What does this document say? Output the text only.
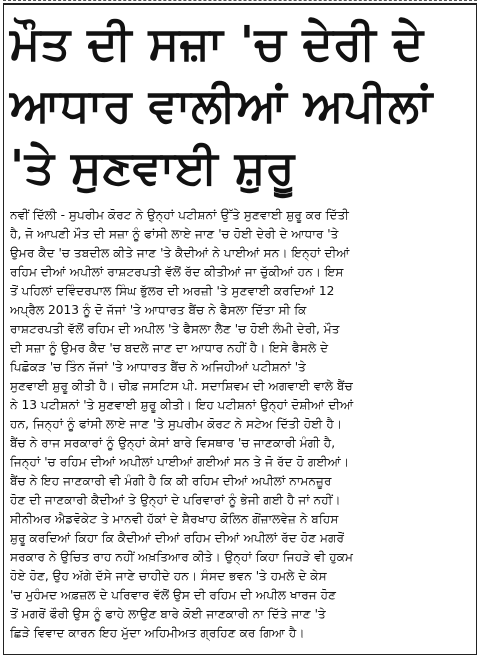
ਮੌਤ ਦੀ ਸਜ਼ਾ 'ਚ ਦੇਰੀ ਦੇ
ਆਧਾਰ ਵਾਲੀਆਂ ਅਪੀਲਾਂ
'ਤੇ ਸੁਣਵਾਈ ਸ਼ੁਰੂ
ਨਵੀਂ ਦਿੱਲੀ - ਸੁਪਰੀਮ ਕੋਰਟ ਨੇ ਉਨ੍ਹਾਂ ਪਟੀਸ਼ਨਾਂ ਉੱਤੇ ਸੁਣਵਾਈ ਸ਼ੁਰੂ ਕਰ ਦਿੱਤੀ
ਹੈ, ਜੋ ਆਪਣੀ ਮੌਤ ਦੀ ਸਜ਼ਾ ਨੂੰ ਫਾਂਸੀ ਲਾਏ ਜਾਣ 'ਚ ਹੋਈ ਦੇਰੀ ਦੇ ਆਧਾਰ 'ਤੇ
ਉਮਰ ਕੈਦ 'ਚ ਤਬਦੀਲ ਕੀਤੇ ਜਾਣ 'ਤੇ ਕੈਦੀਆਂ ਨੇ ਪਾਈਆਂ ਸਨ। ਇਨ੍ਹਾਂ ਦੀਆਂ
ਰਹਿਮ ਦੀਆਂ ਅਪੀਲਾਂ ਰਾਸ਼ਟਰਪਤੀ ਵੱਲੋਂ ਰੱਦ ਕੀਤੀਆਂ ਜਾ ਚੁੱਕੀਆਂ ਹਨ। ਇਸ
ਤੋਂ ਪਹਿਲਾਂ ਦਵਿੰਦਰਪਾਲ ਸਿੰਘ ਭੁੱਲਰ ਦੀ ਅਰਜ਼ੀ 'ਤੇ ਸੁਣਵਾਈ ਕਰਦਿਆਂ 12
ਅਪ੍ਰੈਲ 2013 ਨੂੰ ਦੋ ਜੱਜਾਂ 'ਤੇ ਆਧਾਰਤ ਬੈਂਚ ਨੇ ਫੈਸਲਾ ਦਿੱਤਾ ਸੀ ਕਿ
ਰਾਸ਼ਟਰਪਤੀ ਵੱਲੋਂ ਰਹਿਮ ਦੀ ਅਪੀਲ 'ਤੇ ਫੈਸਲਾ ਲੈਣ 'ਚ ਹੋਈ ਲੰਮੀ ਦੇਰੀ, ਮੌਤ
ਦੀ ਸਜ਼ਾ ਨੂੰ ਉਮਰ ਕੈਦ 'ਚ ਬਦਲੇ ਜਾਣ ਦਾ ਆਧਾਰ ਨਹੀਂ ਹੈ। ਇਸੇ ਫੈਸਲੇ ਦੇ
ਪਿਛੋਕੜ 'ਚ ਤਿੰਨ ਜੱਜਾਂ 'ਤੇ ਆਧਾਰਤ ਬੈਂਚ ਨੇ ਅਜਿਹੀਆਂ ਪਟੀਸ਼ਨਾਂ 'ਤੇ
ਸੁਣਵਾਈ ਸ਼ੁਰੂ ਕੀਤੀ ਹੈ। ਚੀਫ਼ ਜਸਟਿਸ ਪੀ. ਸਦਾਸ਼ਿਵਮ ਦੀ ਅਗਵਾਈ ਵਾਲੇ ਬੈਂਚ
ਨੇ 13 ਪਟੀਸ਼ਨਾਂ 'ਤੇ ਸੁਣਵਾਈ ਸ਼ੁਰੂ ਕੀਤੀ। ਇਹ ਪਟੀਸ਼ਨਾਂ ਉਨ੍ਹਾਂ ਦੋਸ਼ੀਆਂ ਦੀਆਂ
ਹਨ, ਜਿਨ੍ਹਾਂ ਨੂੰ ਫਾਂਸੀ ਲਾਏ ਜਾਣ 'ਤੇ ਸੁਪਰੀਮ ਕੋਰਟ ਨੇ ਸਟੇਅ ਦਿੱਤੀ ਹੋਈ ਹੈ।
ਬੈਂਚ ਨੇ ਰਾਜ ਸਰਕਾਰਾਂ ਨੂੰ ਉਨ੍ਹਾਂ ਕੇਸਾਂ ਬਾਰੇ ਵਿਸਥਾਰ 'ਚ ਜਾਣਕਾਰੀ ਮੰਗੀ ਹੈ,
ਜਿਨ੍ਹਾਂ 'ਚ ਰਹਿਮ ਦੀਆਂ ਅਪੀਲਾਂ ਪਾਈਆਂ ਗਈਆਂ ਸਨ ਤੇ ਜੋ ਰੱਦ ਹੋ ਗਈਆਂ।
ਬੈਂਚ ਨੇ ਇਹ ਜਾਣਕਾਰੀ ਵੀ ਮੰਗੀ ਹੈ ਕਿ ਕੀ ਰਹਿਮ ਦੀਆਂ ਅਪੀਲਾਂ ਨਾਮਨਜ਼ੂਰ
ਹੋਣ ਦੀ ਜਾਣਕਾਰੀ ਕੈਦੀਆਂ ਤੇ ਉਨ੍ਹਾਂ ਦੇ ਪਰਿਵਾਰਾਂ ਨੂੰ ਭੇਜੀ ਗਈ ਹੈ ਜਾਂ ਨਹੀਂ।
ਸੀਨੀਅਰ ਐਡਵੋਕੇਟ ਤੇ ਮਾਨਵੀ ਹੱਕਾਂ ਦੇ ਸ਼ੈਰਖਾਹ ਕੋਲਿਨ ਗੋਂਜ਼ਾਲਵੇਜ਼ ਨੇ ਬਹਿਸ
ਸ਼ੁਰੂ ਕਰਦਿਆਂ ਕਿਹਾ ਕਿ ਕੈਦੀਆਂ ਦੀਆਂ ਰਹਿਮ ਦੀਆਂ ਅਪੀਲਾਂ ਰੱਦ ਹੋਣ ਮਗਰੋਂ
ਸਰਕਾਰ ਨੇ ਉਚਿਤ ਰਾਹ ਨਹੀਂ ਅਖ਼ਤਿਆਰ ਕੀਤੇ। ਉਨ੍ਹਾਂ ਕਿਹਾ ਜਿਹੜੇ ਵੀ ਹੁਕਮ
ਹੋਏ ਹੋਣ, ਉਹ ਅੱਗੇ ਦੱਸੇ ਜਾਣੇ ਚਾਹੀਦੇ ਹਨ। ਸੰਸਦ ਭਵਨ 'ਤੇ ਹਮਲੇ ਦੇ ਕੇਸ
'ਚ ਮੁਹੰਮਦ ਅਫ਼ਜ਼ਲ ਦੇ ਪਰਿਵਾਰ ਵੱਲੋਂ ਉਸ ਦੀ ਰਹਿਮ ਦੀ ਅਪੀਲ ਖਾਰਜ ਹੋਣ
ਤੋਂ ਮਗਰੋਂ ਫੌਰੀ ਉਸ ਨੂੰ ਫਾਹੇ ਲਾਉਣ ਬਾਰੇ ਕੋਈ ਜਾਣਕਾਰੀ ਨਾ ਦਿੱਤੇ ਜਾਣ 'ਤੇ
ਛਿੜੇ ਵਿਵਾਦ ਕਾਰਨ ਇਹ ਮੁੱਦਾ ਅਹਿਮੀਅਤ ਗ੍ਰਹਿਣ ਕਰ ਗਿਆ ਹੈ।
